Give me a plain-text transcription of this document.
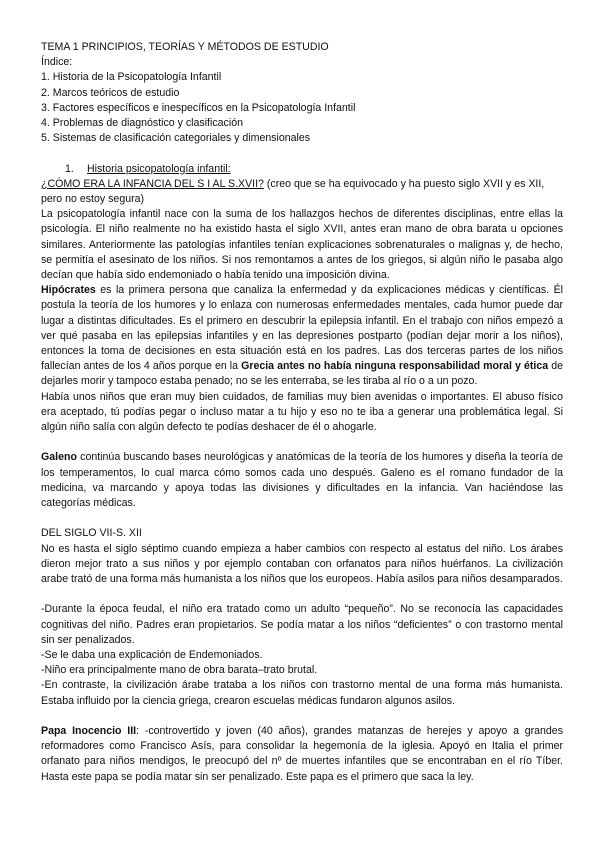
TEMA 1 PRINCIPIOS, TEORÍAS Y MÉTODOS DE ESTUDIO

Índice:

1. Historia de la Psicopatología Infantil

2. Marcos teóricos de estudio

3. Factores específicos e inespecíficos en la Psicopatología Infantil

4. Problemas de diagnóstico y clasificación

5. Sistemas de clasificación categoriales y dimensionales

1. Historia psicopatología infantil:

¿CÓMO ERA LA INFANCIA DEL S I AL S.XVII? (creo que se ha equivocado y ha puesto siglo XVII y es XII, pero no estoy segura)

La psicopatología infantil nace con la suma de los hallazgos hechos de diferentes disciplinas, entre ellas la psicología. El niño realmente no ha existido hasta el siglo XVII, antes eran mano de obra barata u opciones similares. Anteriormente las patologías infantiles tenían explicaciones sobrenaturales o malignas y, de hecho, se permitía el asesinato de los niños. Si nos remontamos a antes de los griegos, si algún niño le pasaba algo decían que había sido endemoniado o había tenido una imposición divina.

Hipócrates es la primera persona que canaliza la enfermedad y da explicaciones médicas y científicas. Él postula la teoría de los humores y lo enlaza con numerosas enfermedades mentales, cada humor puede dar lugar a distintas dificultades. Es el primero en descubrir la epilepsia infantil. En el trabajo con niños empezó a ver qué pasaba en las epilepsias infantiles y en las depresiones postparto (podían dejar morir a los niños), entonces la toma de decisiones en esta situación está en los padres. Las dos terceras partes de los niños fallecían antes de los 4 años porque en la Grecia antes no había ninguna responsabilidad moral y ética de dejarles morir y tampoco estaba penado; no se les enterraba, se les tiraba al río o a un pozo.

Había unos niños que eran muy bien cuidados, de familias muy bien avenidas o importantes. El abuso físico era aceptado, tú podías pegar o incluso matar a tu hijo y eso no te iba a generar una problemática legal. Si algún niño salía con algún defecto te podías deshacer de él o ahogarle.

Galeno continúa buscando bases neurológicas y anatómicas de la teoría de los humores y diseña la teoría de los temperamentos, lo cual marca cómo somos cada uno después. Galeno es el romano fundador de la medicina, va marcando y apoya todas las divisiones y dificultades en la infancia. Van haciéndose las categorías médicas.

DEL SIGLO VII-S. XII

No es hasta el siglo séptimo cuando empieza a haber cambios con respecto al estatus del niño. Los árabes dieron mejor trato a sus niños y por ejemplo contaban con orfanatos para niños huérfanos. La civilización arabe trató de una forma más humanista a los niños que los europeos. Había asilos para niños desamparados.

-Durante la época feudal, el niño era tratado como un adulto “pequeño”. No se reconocía las capacidades cognitivas del niño. Padres eran propietarios. Se podía matar a los niños “deficientes” o con trastorno mental sin ser penalizados.

-Se le daba una explicación de Endemoniados.

-Niño era principalmente mano de obra barata–trato brutal.

-En contraste, la civilización árabe trataba a los niños con trastorno mental de una forma más humanista. Estaba influido por la ciencia griega, crearon escuelas médicas fundaron algunos asilos.

Papa Inocencio III: -controvertido y joven (40 años), grandes matanzas de herejes y apoyo a grandes reformadores como Francisco Asís, para consolidar la hegemonía de la iglesia. Apoyó en Italia el primer orfanato para niños mendigos, le preocupó del nº de muertes infantiles que se encontraban en el río Tíber. Hasta este papa se podía matar sin ser penalizado. Este papa es el primero que saca la ley.
